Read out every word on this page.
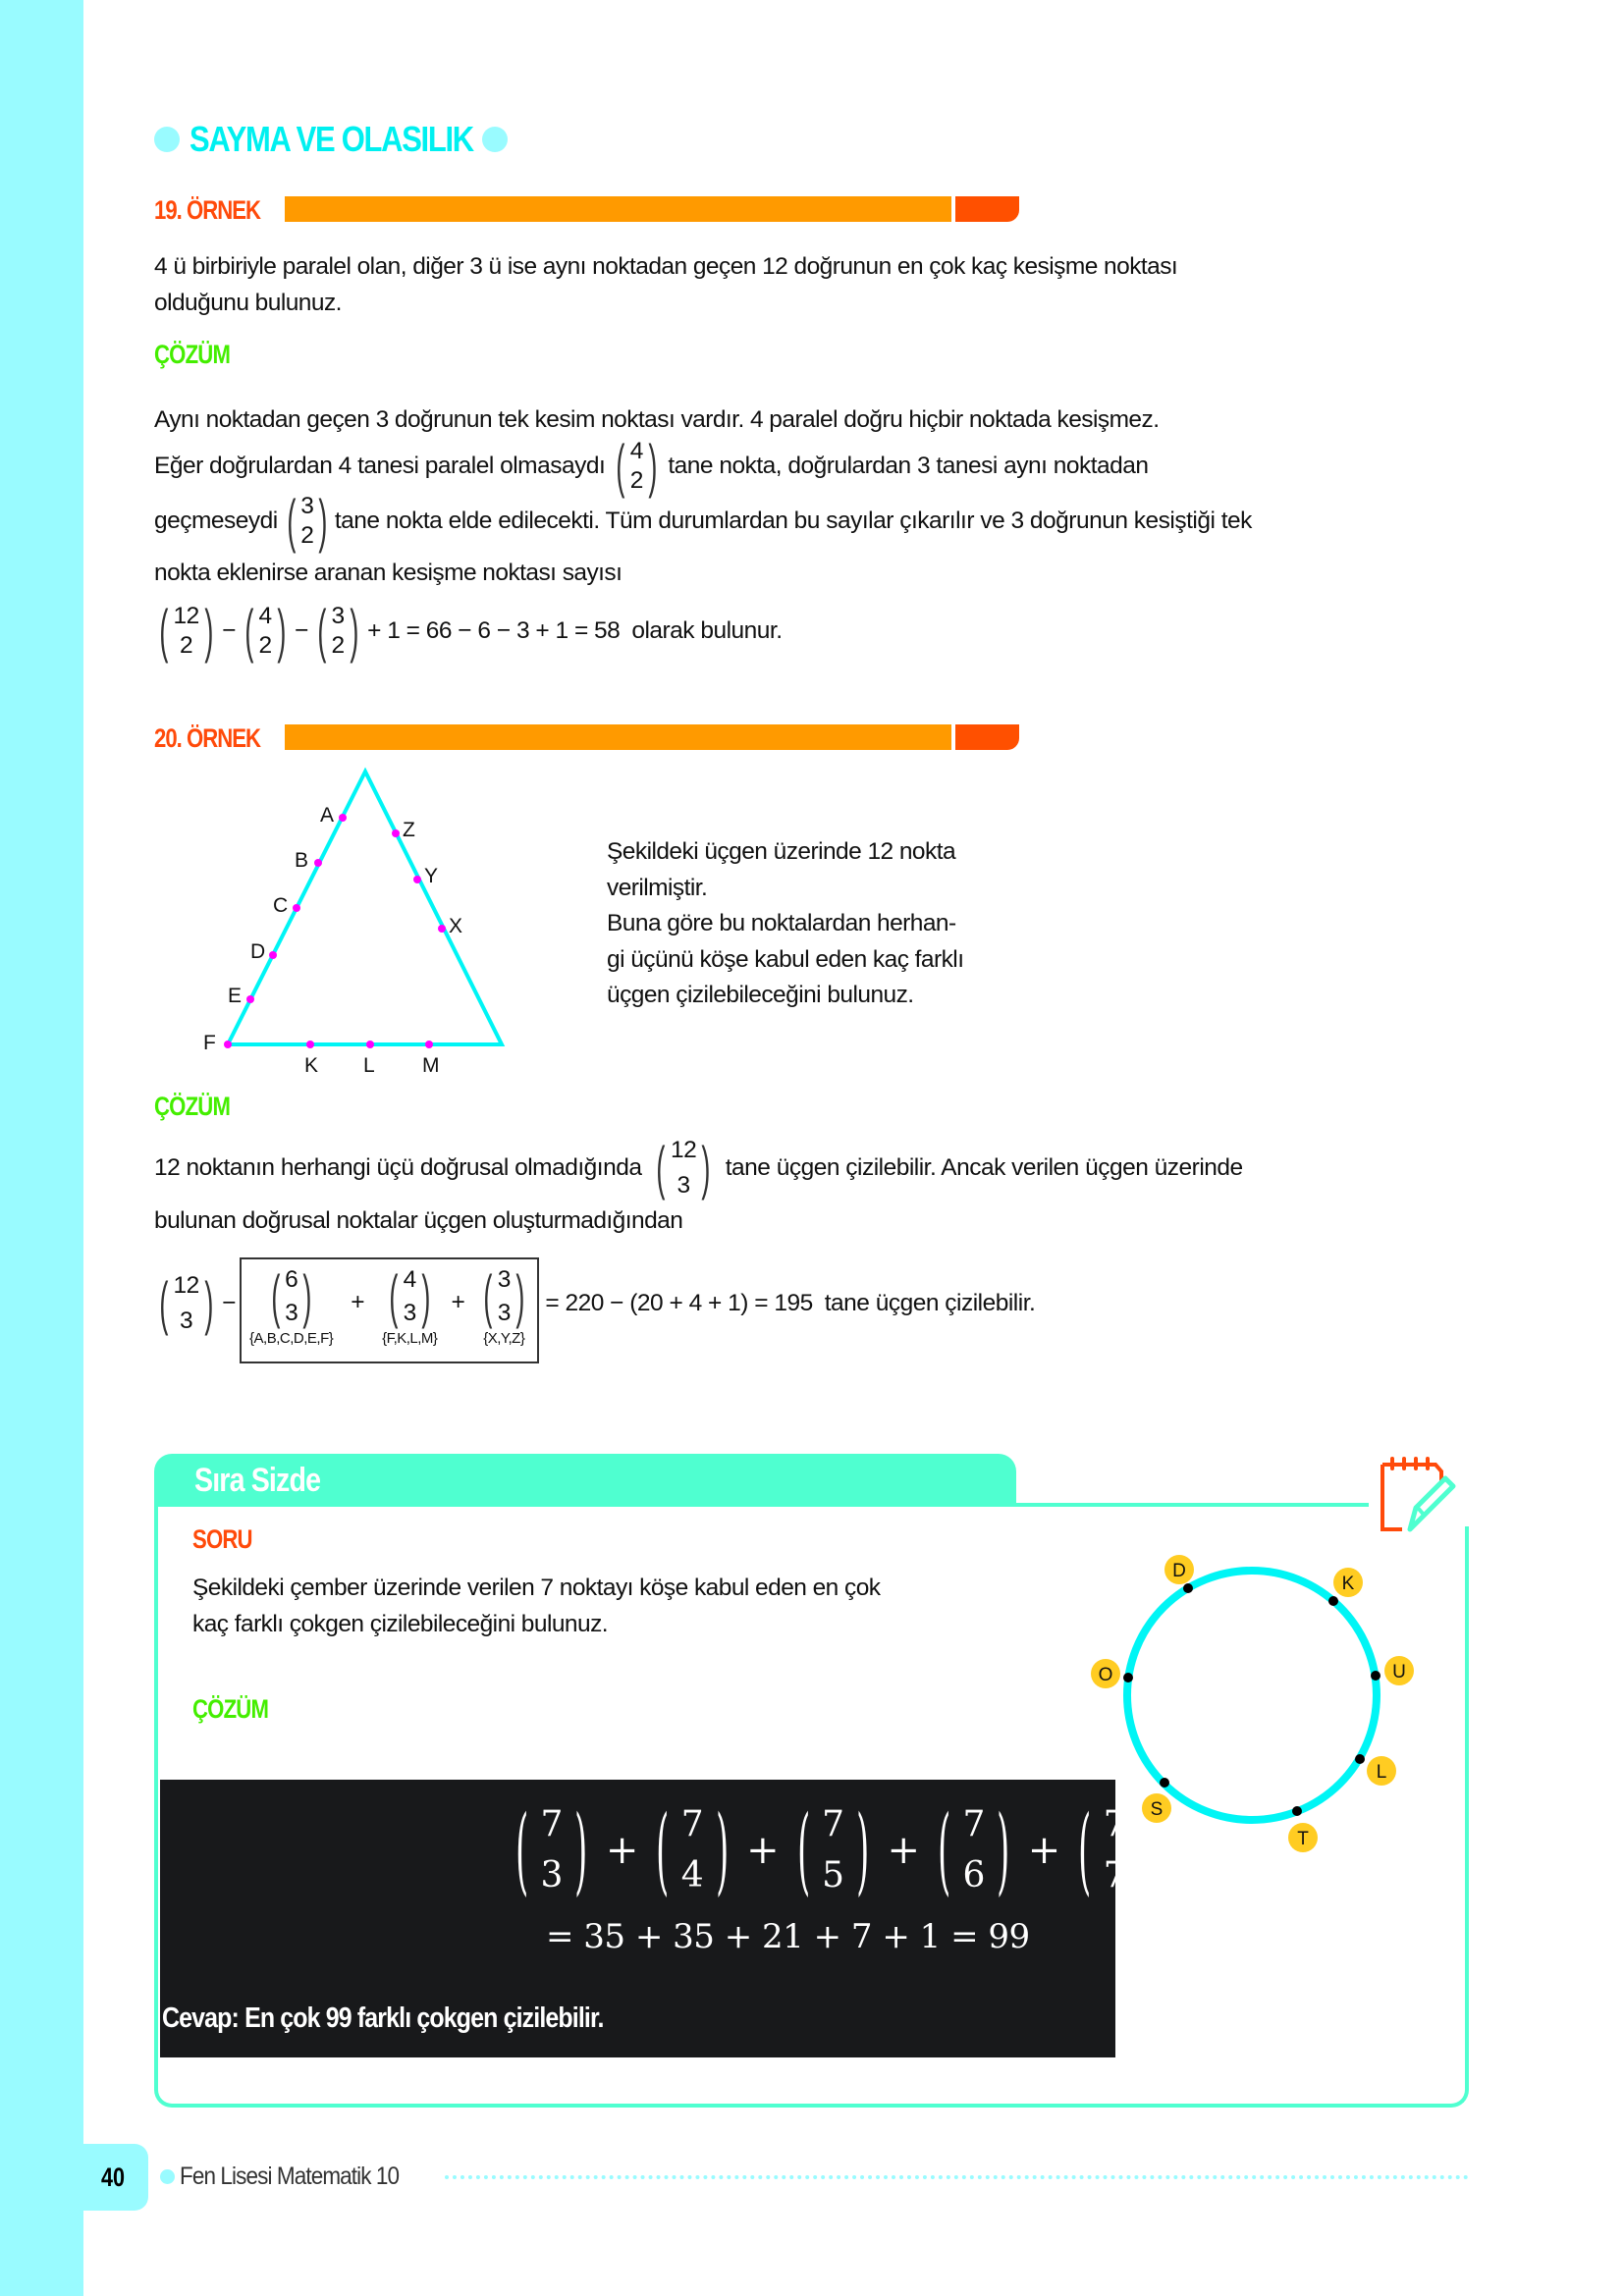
SAYMA VE OLASILIK
19. ÖRNEK
4 ü birbiriyle paralel olan, diğer 3 ü ise aynı noktadan geçen 12 doğrunun en çok kaç kesişme noktası
olduğunu bulunuz.
ÇÖZÜM
Aynı noktadan geçen 3 doğrunun tek kesim noktası vardır. 4 paralel doğru hiçbir noktada kesişmez.
Eğer doğrulardan 4 tanesi paralel olmasaydı ( 4
2 ) tane nokta, doğrulardan 3 tanesi aynı noktadan
geçmeseydi ( 3
2 ) tane nokta elde edilecekti. Tüm durumlardan bu sayılar çıkarılır ve 3 doğrunun kesiştiği tek
nokta eklenirse aranan kesişme noktası sayısı
( 12
2 ) − ( 4
2 ) − ( 3
2 ) + 1 = 66 − 6 − 3 + 1 = 58 olarak bulunur.
20. ÖRNEK
A
B
C
D
E
F
K L M
Z
Y
X
Şekildeki üçgen üzerinde 12 nokta
verilmiştir.
Buna göre bu noktalardan herhan-
gi üçünü köşe kabul eden kaç farklı
üçgen çizilebileceğini bulunuz.
ÇÖZÜM
12 noktanın herhangi üçü doğrusal olmadığında ( 12
3 ) tane üçgen çizilebilir. Ancak verilen üçgen üzerinde
bulunan doğrusal noktalar üçgen oluşturmadığından
( 12
3 ) − ( 6
3 )
{A,B,C,D,E,F}
+ ( 4
3 )
{F,K,L,M}
+ ( 3
3 )
{X,Y,Z}
= 220 − (20 + 4 + 1) = 195 tane üçgen çizilebilir.
Sıra Sizde
SORU
Şekildeki çember üzerinde verilen 7 noktayı köşe kabul eden en çok
kaç farklı çokgen çizilebileceğini bulunuz.
ÇÖZÜM
D
K
U
L
T
S
O
( 7
3 ) + ( 7
4 ) + ( 7
5 ) + ( 7
6 ) + ( 7
7 )
= 35 + 35 + 21 + 7 + 1 = 99
Cevap: En çok 99 farklı çokgen çizilebilir.
40 Fen Lisesi Matematik 10
